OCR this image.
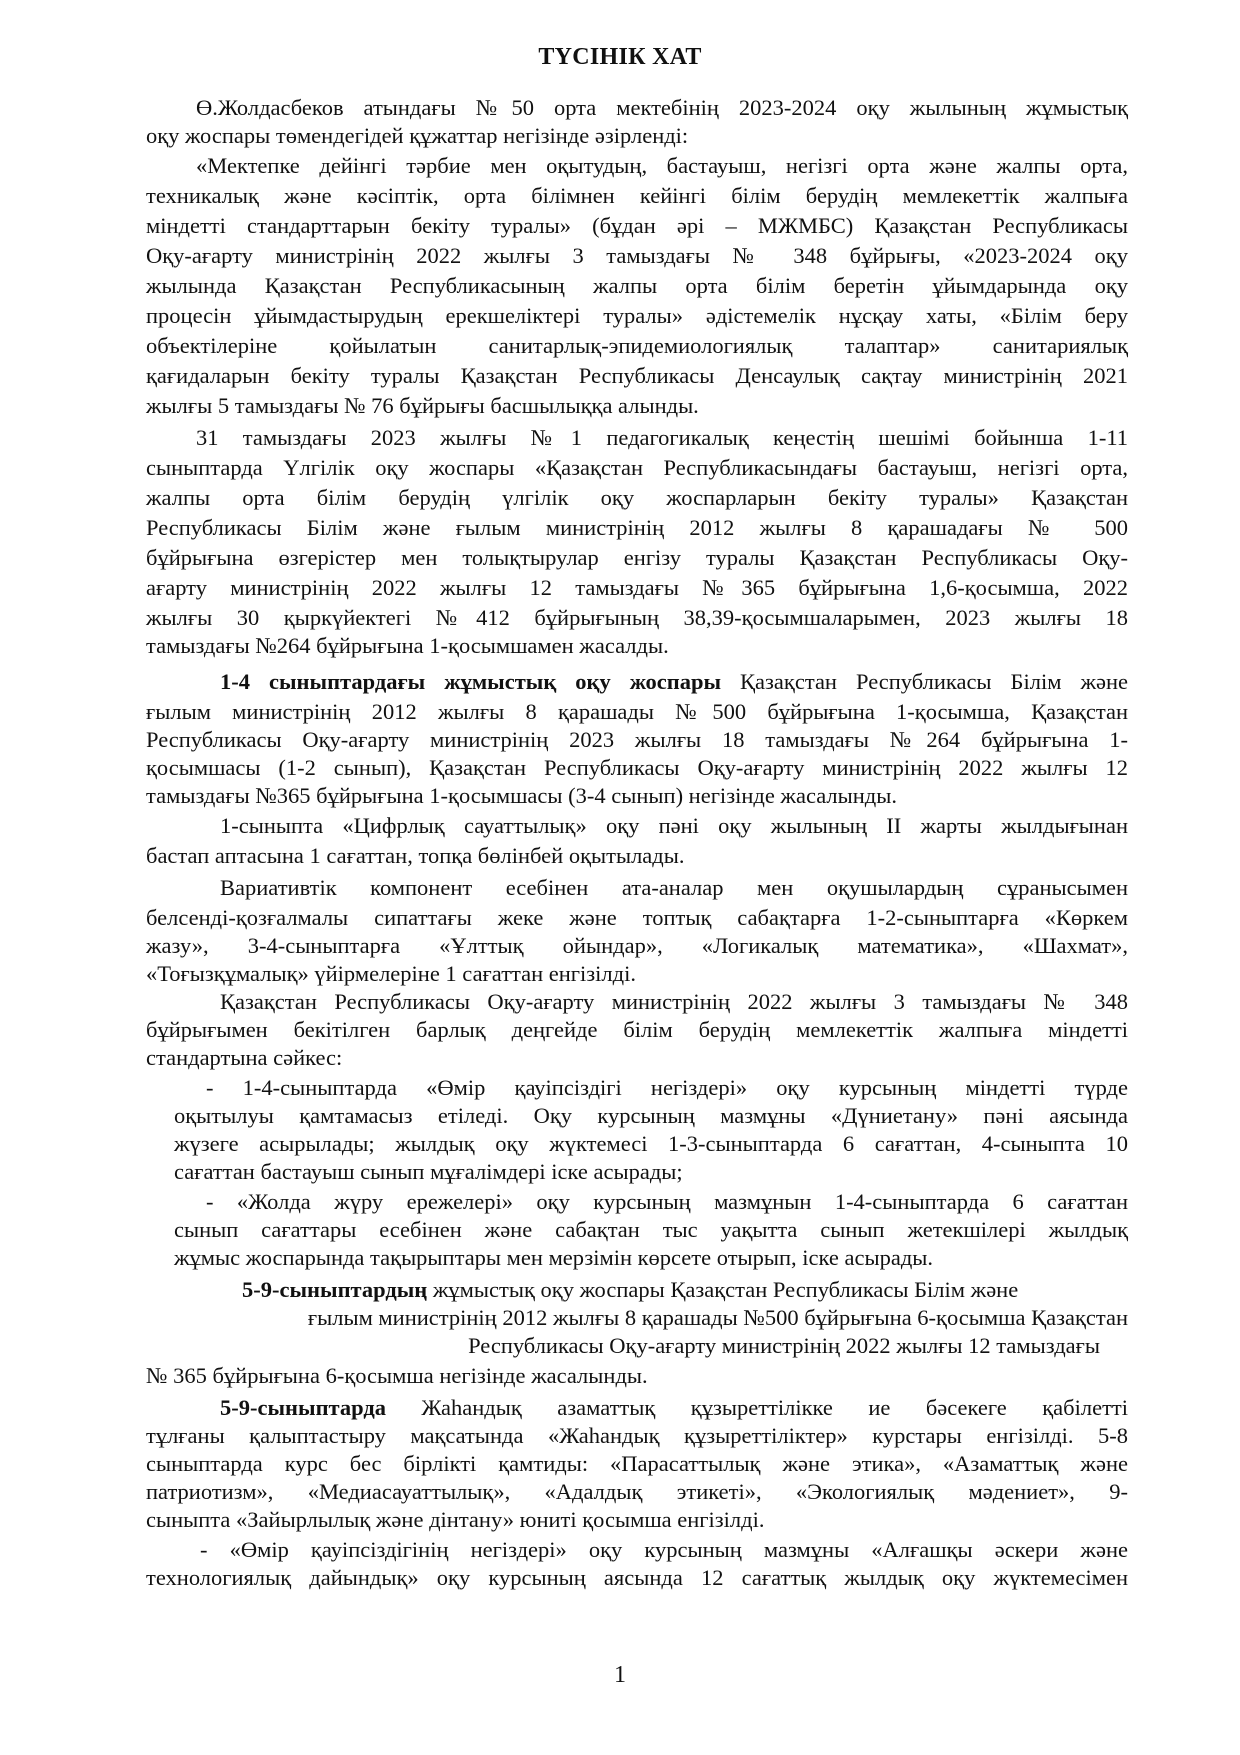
ТҮСІНІК ХАТ
Ө.Жолдасбеков атындағы №50 орта мектебінің 2023-2024 оқу жылының жұмыстық
оқу жоспары төмендегідей құжаттар негізінде әзірленді:
«Мектепке дейінгі тәрбие мен оқытудың, бастауыш, негізгі орта және жалпы орта,
техникалық және кәсіптік, орта білімнен кейінгі білім берудің мемлекеттік жалпыға
міндетті стандарттарын бекіту туралы» (бұдан әрі – МЖМБС) Қазақстан Республикасы
Оқу-ағарту министрінің 2022 жылғы 3 тамыздағы № 348 бұйрығы, «2023-2024 оқу
жылында Қазақстан Республикасының жалпы орта білім беретін ұйымдарында оқу
процесін ұйымдастырудың ерекшеліктері туралы» әдістемелік нұсқау хаты, «Білім беру
объектілеріне қойылатын санитарлық-эпидемиологиялық талаптар» санитариялық
қағидаларын бекіту туралы Қазақстан Республикасы Денсаулық сақтау министрінің 2021
жылғы 5 тамыздағы № 76 бұйрығы басшылыққа алынды.
31 тамыздағы 2023 жылғы №1 педагогикалық кеңестің шешімі бойынша 1-11
сыныптарда Үлгілік оқу жоспары «Қазақстан Республикасындағы бастауыш, негізгі орта,
жалпы орта білім берудің үлгілік оқу жоспарларын бекіту туралы» Қазақстан
Республикасы Білім және ғылым министрінің 2012 жылғы 8 қарашадағы № 500
бұйрығына өзгерістер мен толықтырулар енгізу туралы Қазақстан Республикасы Оқу-
ағарту министрінің 2022 жылғы 12 тамыздағы №365 бұйрығына 1,6-қосымша, 2022
жылғы 30 қыркүйектегі №412 бұйрығының 38,39-қосымшаларымен, 2023 жылғы 18
тамыздағы №264 бұйрығына 1-қосымшамен жасалды.
1-4 сыныптардағы жұмыстық оқу жоспары Қазақстан Республикасы Білім және
ғылым министрінің 2012 жылғы 8 қарашады №500 бұйрығына 1-қосымша, Қазақстан
Республикасы Оқу-ағарту министрінің 2023 жылғы 18 тамыздағы №264 бұйрығына 1-
қосымшасы (1-2 сынып), Қазақстан Республикасы Оқу-ағарту министрінің 2022 жылғы 12
тамыздағы №365 бұйрығына 1-қосымшасы (3-4 сынып) негізінде жасалынды.
1-сыныпта «Цифрлық сауаттылық» оқу пәні оқу жылының ІІ жарты жылдығынан
бастап аптасына 1 сағаттан, топқа бөлінбей оқытылады.
Вариативтік компонент есебінен ата-аналар мен оқушылардың сұранысымен
белсенді-қозғалмалы сипаттағы жеке және топтық сабақтарға 1-2-сыныптарға «Көркем
жазу», 3-4-сыныптарға «Ұлттық ойындар», «Логикалық математика», «Шахмат»,
«Тоғызқұмалық» үйірмелеріне 1 сағаттан енгізілді.
Қазақстан Республикасы Оқу-ағарту министрінің 2022 жылғы 3 тамыздағы № 348
бұйрығымен бекітілген барлық деңгейде білім берудің мемлекеттік жалпыға міндетті
стандартына сәйкес:
- 1-4-сыныптарда «Өмір қауіпсіздігі негіздері» оқу курсының міндетті түрде
оқытылуы қамтамасыз етіледі. Оқу курсының мазмұны «Дүниетану» пәні аясында
жүзеге асырылады; жылдық оқу жүктемесі 1-3-сыныптарда 6 сағаттан, 4-сыныпта 10
сағаттан бастауыш сынып мұғалімдері іске асырады;
- «Жолда жүру ережелері» оқу курсының мазмұнын 1-4-сыныптарда 6 сағаттан
сынып сағаттары есебінен және сабақтан тыс уақытта сынып жетекшілері жылдық
жұмыс жоспарында тақырыптары мен мерзімін көрсете отырып, іске асырады.
5-9-сыныптардың жұмыстық оқу жоспары Қазақстан Республикасы Білім және
ғылым министрінің 2012 жылғы 8 қарашады №500 бұйрығына 6-қосымша Қазақстан
Республикасы Оқу-ағарту министрінің 2022 жылғы 12 тамыздағы
№ 365 бұйрығына 6-қосымша негізінде жасалынды.
5-9-сыныптарда Жаһандық азаматтық құзыреттілікке ие бәсекеге қабілетті
тұлғаны қалыптастыру мақсатында «Жаһандық құзыреттіліктер» курстары енгізілді. 5-8
сыныптарда курс бес бірлікті қамтиды: «Парасаттылық және этика», «Азаматтық және
патриотизм», «Медиасауаттылық», «Адалдық этикеті», «Экологиялық мәдениет», 9-
сыныпта «Зайырлылық және дінтану» юниті қосымша енгізілді.
- «Өмір қауіпсіздігінің негіздері» оқу курсының мазмұны «Алғашқы әскери және
технологиялық дайындық» оқу курсының аясында 12 сағаттық жылдық оқу жүктемесімен
1
